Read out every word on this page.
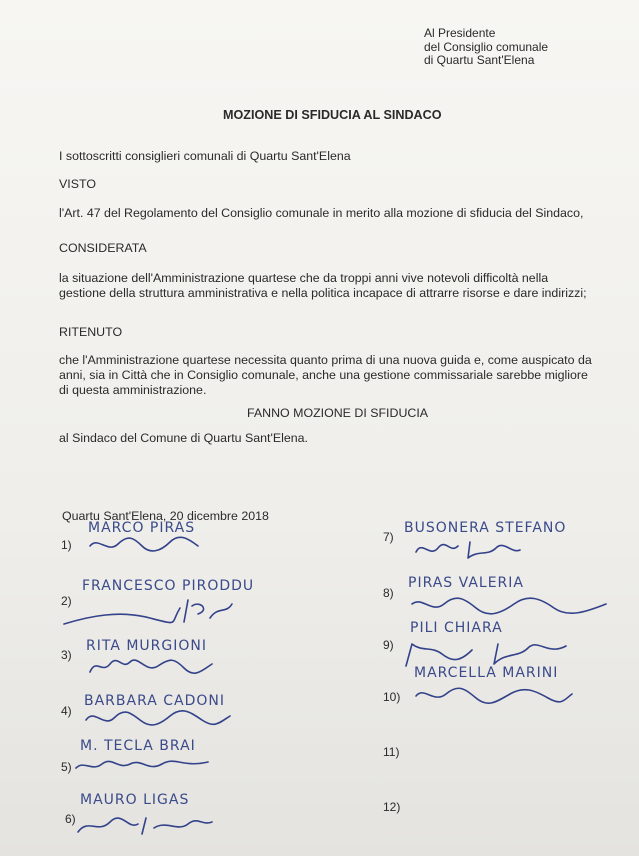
Al Presidente
del Consiglio comunale
di Quartu Sant'Elena
MOZIONE DI SFIDUCIA AL SINDACO
I sottoscritti consiglieri comunali di Quartu Sant'Elena
VISTO
l'Art. 47 del Regolamento del Consiglio comunale in merito alla mozione di sfiducia del Sindaco,
CONSIDERATA
la situazione dell'Amministrazione quartese che da troppi anni vive notevoli difficoltà nella
gestione della struttura amministrativa e nella politica incapace di attrarre risorse e dare indirizzi;
RITENUTO
che l'Amministrazione quartese necessita quanto prima di una nuova guida e, come auspicato da
anni, sia in Città che in Consiglio comunale, anche una gestione commissariale sarebbe migliore
di questa amministrazione.
FANNO MOZIONE DI SFIDUCIA
al Sindaco del Comune di Quartu Sant'Elena.
Quartu Sant'Elena, 20 dicembre 2018
1)
MARCO PIRAS
2)
FRANCESCO PIRODDU
3)
RITA MURGIONI
4)
BARBARA CADONI
5)
M. TECLA BRAI
6)
MAURO LIGAS
7)
BUSONERA STEFANO
8)
PIRAS VALERIA
9)
PILI CHIARA
10)
MARCELLA MARINI
11)
12)
